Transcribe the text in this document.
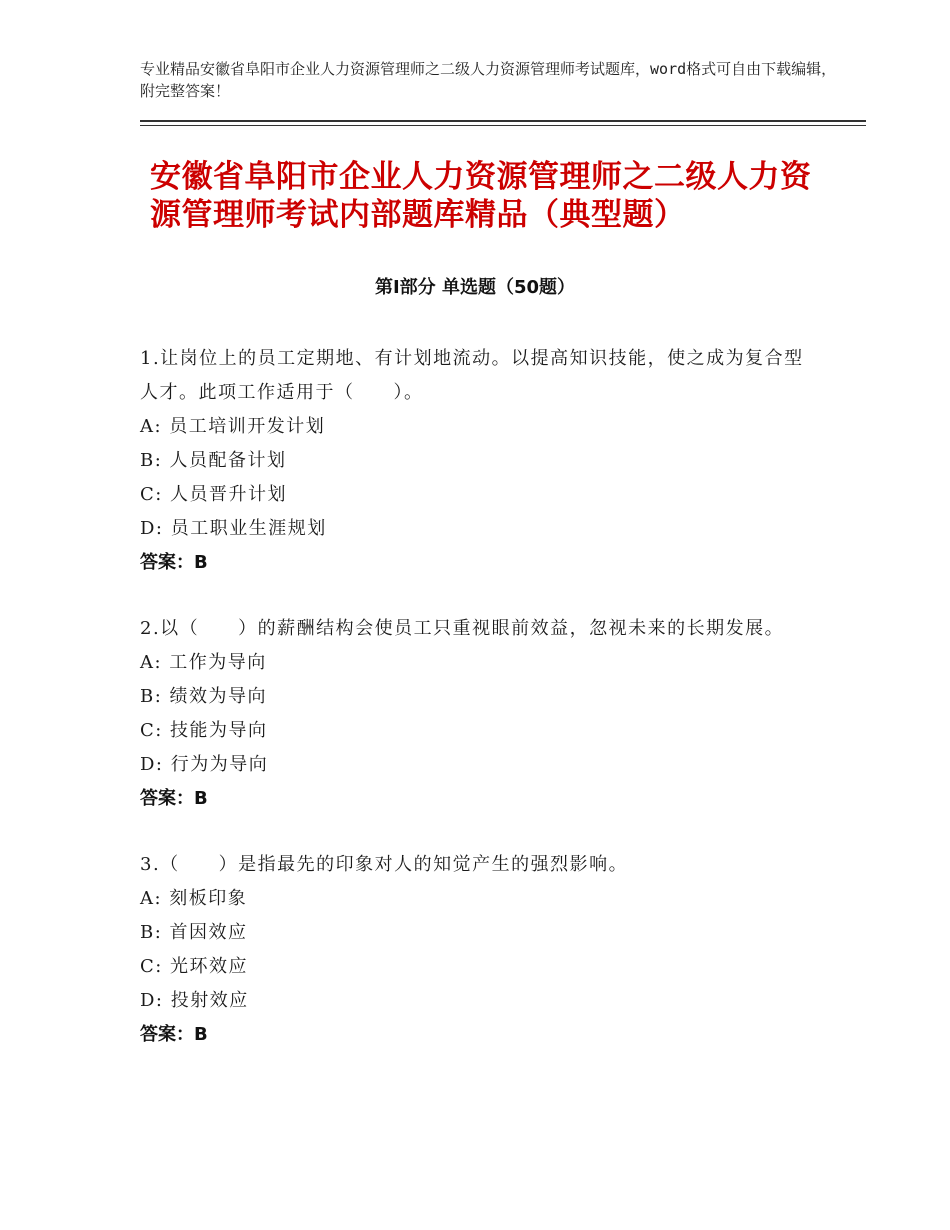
专业精品安徽省阜阳市企业人力资源管理师之二级人力资源管理师考试题库，word格式可自由下载编辑，附完整答案！
安徽省阜阳市企业人力资源管理师之二级人力资源管理师考试内部题库精品（典型题）
第Ⅰ部分 单选题（50题）
1.让岗位上的员工定期地、有计划地流动。以提高知识技能，使之成为复合型人才。此项工作适用于（　　）。
A: 员工培训开发计划
B: 人员配备计划
C: 人员晋升计划
D: 员工职业生涯规划
答案：B
2.以（　　）的薪酬结构会使员工只重视眼前效益，忽视未来的长期发展。
A: 工作为导向
B: 绩效为导向
C: 技能为导向
D: 行为为导向
答案：B
3.（　　）是指最先的印象对人的知觉产生的强烈影响。
A: 刻板印象
B: 首因效应
C: 光环效应
D: 投射效应
答案：B
